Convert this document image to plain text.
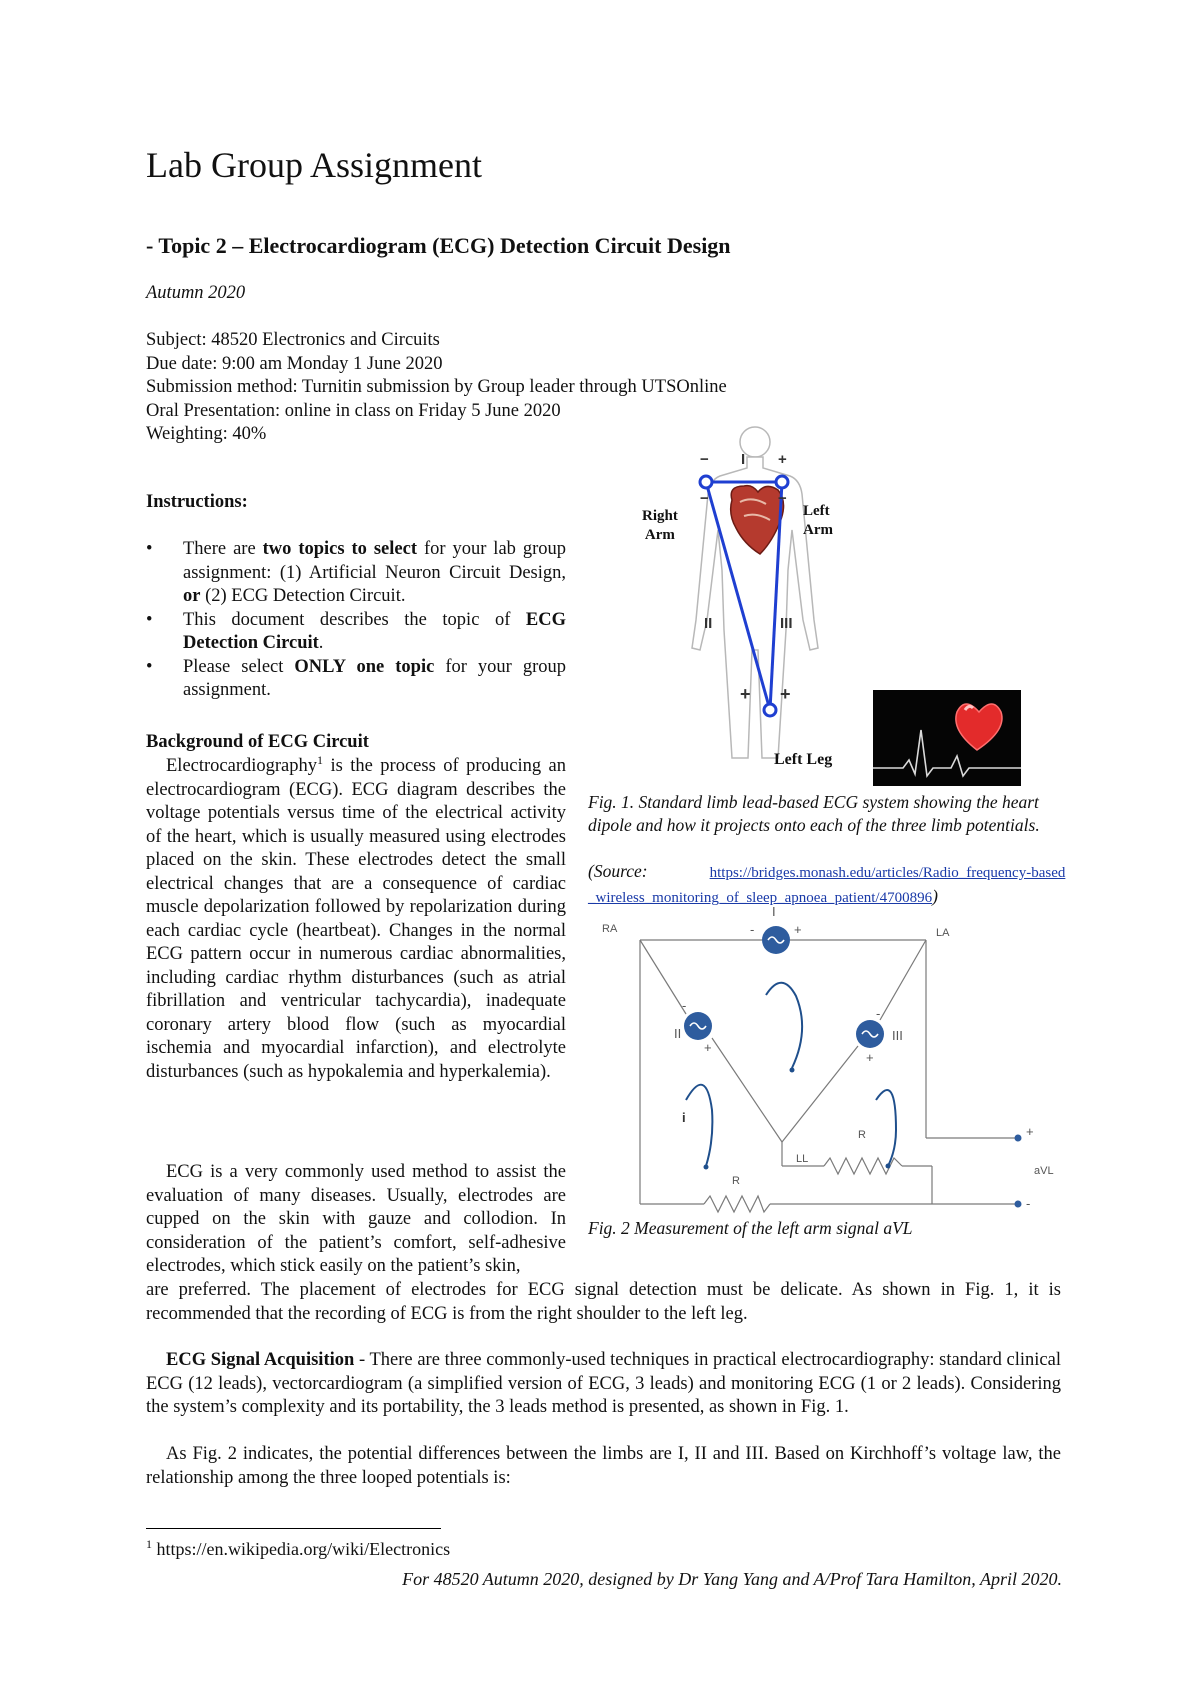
Lab Group Assignment
- Topic 2 – Electrocardiogram (ECG) Detection Circuit Design
Autumn 2020
Subject: 48520 Electronics and Circuits
Due date: 9:00 am Monday 1 June 2020
Submission method: Turnitin submission by Group leader through UTSOnline
Oral Presentation: online in class on Friday 5 June 2020
Weighting: 40%
Instructions:
• There are two topics to select for your lab group assignment: (1) Artificial Neuron Circuit Design, or (2) ECG Detection Circuit.
• This document describes the topic of ECG Detection Circuit.
• Please select ONLY one topic for your group assignment.
Background of ECG Circuit
Electrocardiography$^1$ is the process of producing an electrocardiogram (ECG). ECG diagram describes the voltage potentials versus time of the electrical activity of the heart, which is usually measured using electrodes placed on the skin. These electrodes detect the small electrical changes that are a consequence of cardiac muscle depolarization followed by repolarization during each cardiac cycle (heartbeat). Changes in the normal ECG pattern occur in numerous cardiac abnormalities, including cardiac rhythm disturbances (such as atrial fibrillation and ventricular tachycardia), inadequate coronary artery blood flow (such as myocardial ischemia and myocardial infarction), and electrolyte disturbances (such as hypokalemia and hyperkalemia).
ECG is a very commonly used method to assist the evaluation of many diseases. Usually, electrodes are cupped on the skin with gauze and collodion. In consideration of the patient’s comfort, self-adhesive electrodes, which stick easily on the patient’s skin,
are preferred. The placement of electrodes for ECG signal detection must be delicate. As shown in Fig. 1, it is recommended that the recording of ECG is from the right shoulder to the left leg.
ECG Signal Acquisition - There are three commonly-used techniques in practical electrocardiography: standard clinical ECG (12 leads), vectorcardiogram (a simplified version of ECG, 3 leads) and monitoring ECG (1 or 2 leads). Considering the system’s complexity and its portability, the 3 leads method is presented, as shown in Fig. 1.
As Fig. 2 indicates, the potential differences between the limbs are I, II and III. Based on Kirchhoff’s voltage law, the relationship among the three looped potentials is:
− I +
−	−
II	III
+ +
Right
Arm
Left
Arm
Left Leg
Fig. 1. Standard limb lead-based ECG system showing the heart dipole and how it projects onto each of the three limb potentials.
(Source:	https://bridges.monash.edu/articles/Radio_frequency-based_wireless_monitoring_of_sleep_apnoea_patient/4700896)
RA	LA
LL
I
II	III
R
R
i
aVL
-	+
-
+
-
+
+
-
Fig. 2 Measurement of the left arm signal aVL
$^1$ https://en.wikipedia.org/wiki/Electronics
For 48520 Autumn 2020, designed by Dr Yang Yang and A/Prof Tara Hamilton, April 2020.
